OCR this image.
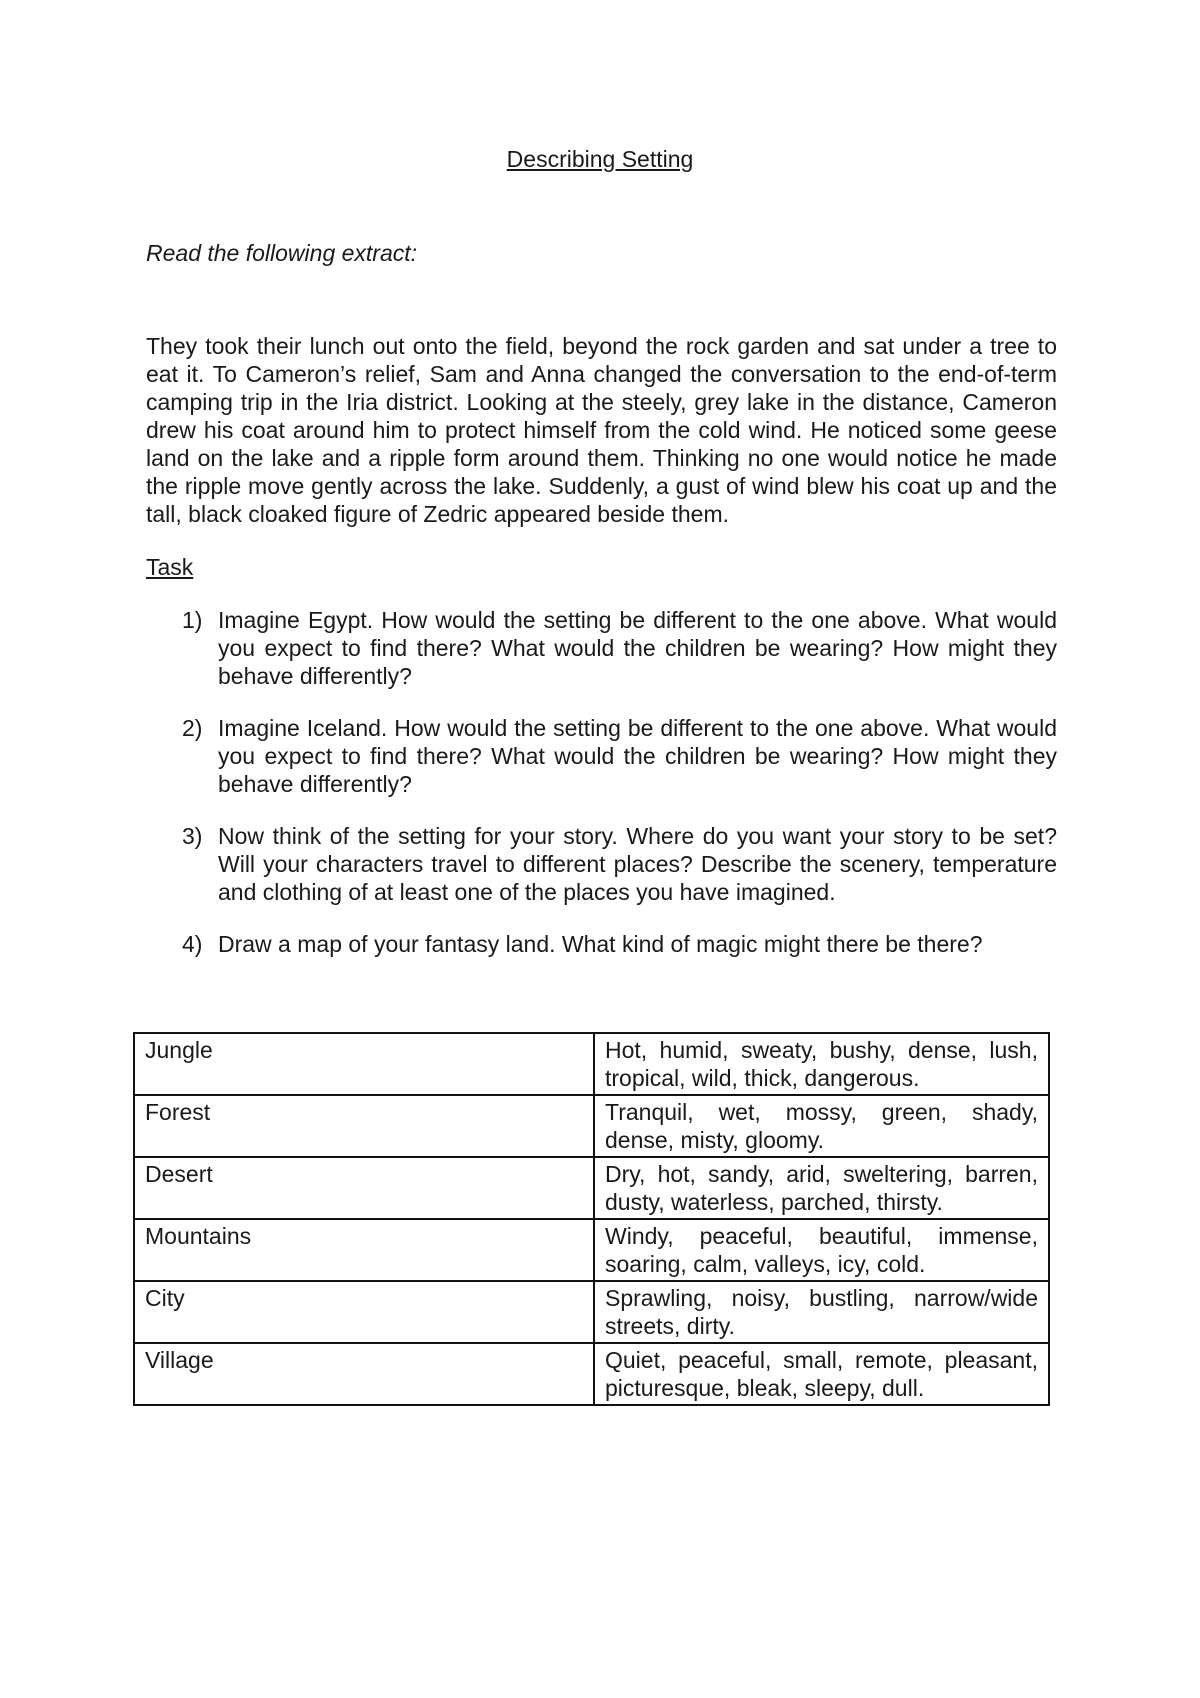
Describing Setting

Read the following extract:

They took their lunch out onto the field, beyond the rock garden and sat under a tree to eat it. To Cameron’s relief, Sam and Anna changed the conversation to the end-of-term camping trip in the Iria district. Looking at the steely, grey lake in the distance, Cameron drew his coat around him to protect himself from the cold wind. He noticed some geese land on the lake and a ripple form around them. Thinking no one would notice he made the ripple move gently across the lake. Suddenly, a gust of wind blew his coat up and the tall, black cloaked figure of Zedric appeared beside them.

Task

1) Imagine Egypt. How would the setting be different to the one above. What would you expect to find there? What would the children be wearing? How might they behave differently?
2) Imagine Iceland. How would the setting be different to the one above. What would you expect to find there? What would the children be wearing? How might they behave differently?
3) Now think of the setting for your story. Where do you want your story to be set? Will your characters travel to different places? Describe the scenery, temperature and clothing of at least one of the places you have imagined.
4) Draw a map of your fantasy land. What kind of magic might there be there?
Jungle	Hot, humid, sweaty, bushy, dense, lush, tropical, wild, thick, dangerous.
Forest	Tranquil, wet, mossy, green, shady, dense, misty, gloomy.
Desert	Dry, hot, sandy, arid, sweltering, barren, dusty, waterless, parched, thirsty.
Mountains	Windy, peaceful, beautiful, immense, soaring, calm, valleys, icy, cold.
City	Sprawling, noisy, bustling, narrow/wide streets, dirty.
Village	Quiet, peaceful, small, remote, pleasant, picturesque, bleak, sleepy, dull.
